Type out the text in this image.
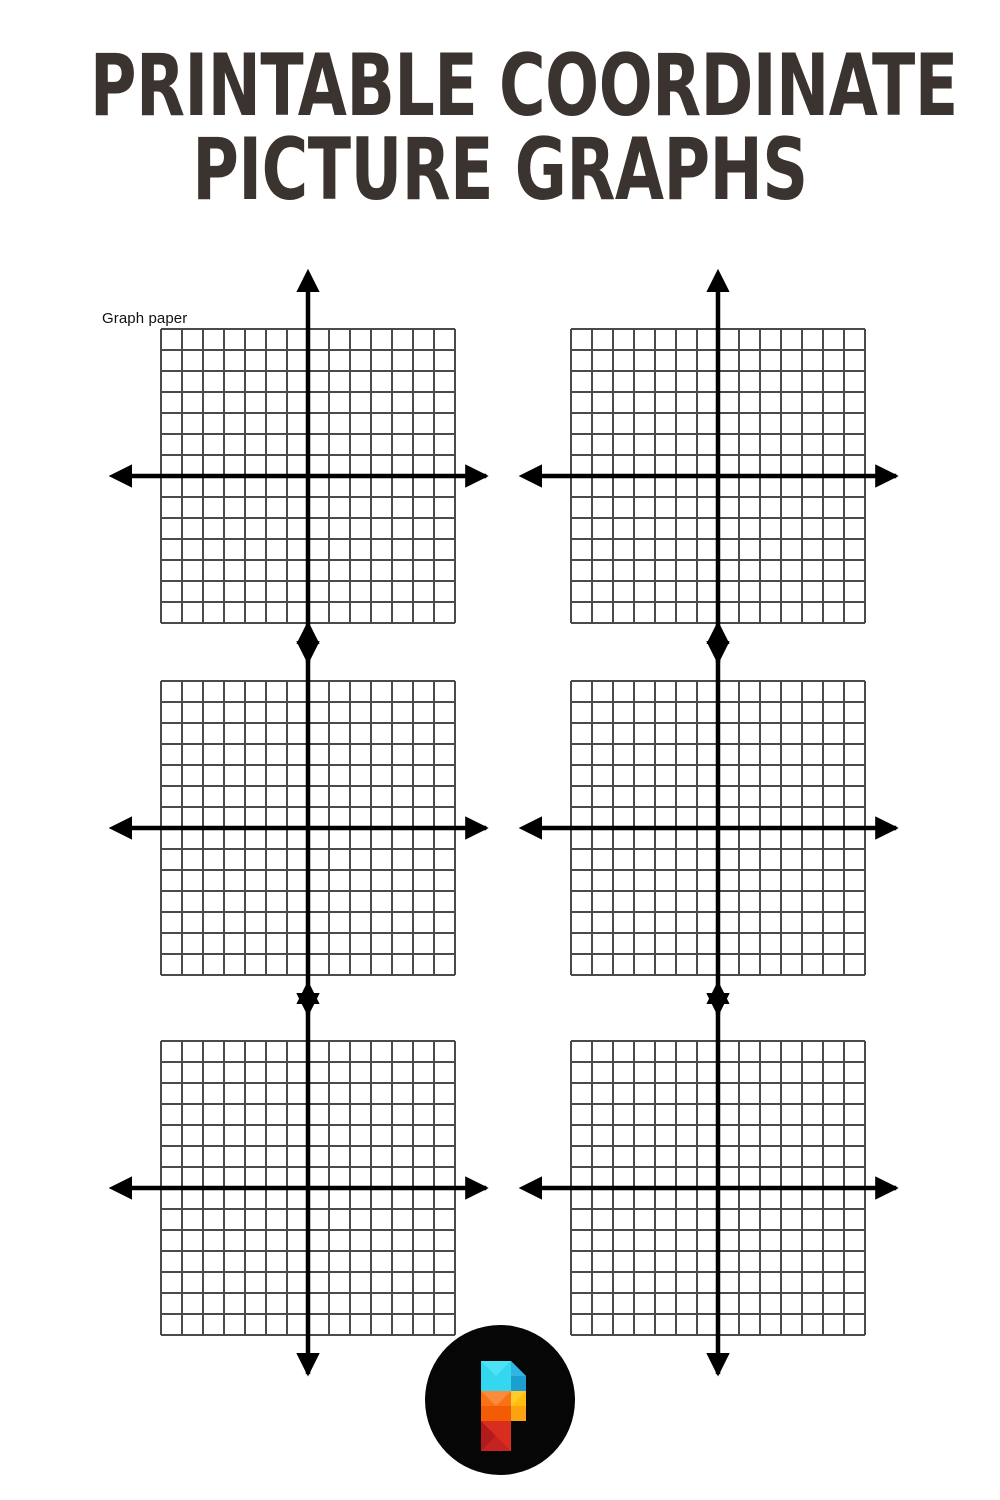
PRINTABLE COORDINATE
PICTURE GRAPHS
Graph paper
